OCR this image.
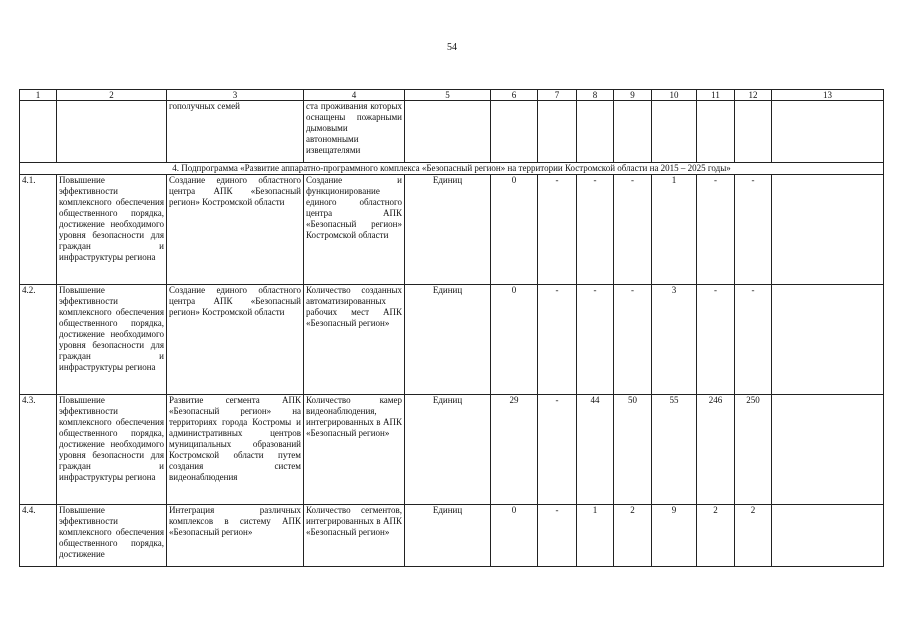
54
1	2	3	4	5	6	7	8	9	10	11	12	13
		гополучных семей	ста проживания которых оснащены пожарными дымовыми автономными извещателями									
4. Подпрограмма «Развитие аппаратно-программного комплекса «Безопасный регион» на территории Костромской области на 2015 – 2025 годы»												
4.1.	Повышение эффективности комплексного обеспечения общественного порядка, достижение необходимого уровня безопасности для граждан и инфраструктуры региона	Создание единого областного центра АПК «Безопасный регион» Костромской области	Создание и функционирование единого областного центра АПК «Безопасный регион» Костромской области	Единиц	0	-	-	-	1	-	-	
4.2.	Повышение эффективности комплексного обеспечения общественного порядка, достижение необходимого уровня безопасности для граждан и инфраструктуры региона	Создание единого областного центра АПК «Безопасный регион» Костромской области	Количество созданных автоматизированных рабочих мест АПК «Безопасный регион»	Единиц	0	-	-	-	3	-	-	
4.3.	Повышение эффективности комплексного обеспечения общественного порядка, достижение необходимого уровня безопасности для граждан и инфраструктуры региона	Развитие сегмента АПК «Безопасный регион» на территориях города Костромы и административных центров муниципальных образований Костромской области путем создания систем видеонаблюдения	Количество камер видеонаблюдения, интегрированных в АПК «Безопасный регион»	Единиц	29	-	44	50	55	246	250	
4.4.	Повышение эффективности комплексного обеспечения общественного порядка, достижение	Интеграция различных комплексов в систему АПК «Безопасный регион»	Количество сегментов, интегрированных в АПК «Безопасный регион»	Единиц	0	-	1	2	9	2	2	
